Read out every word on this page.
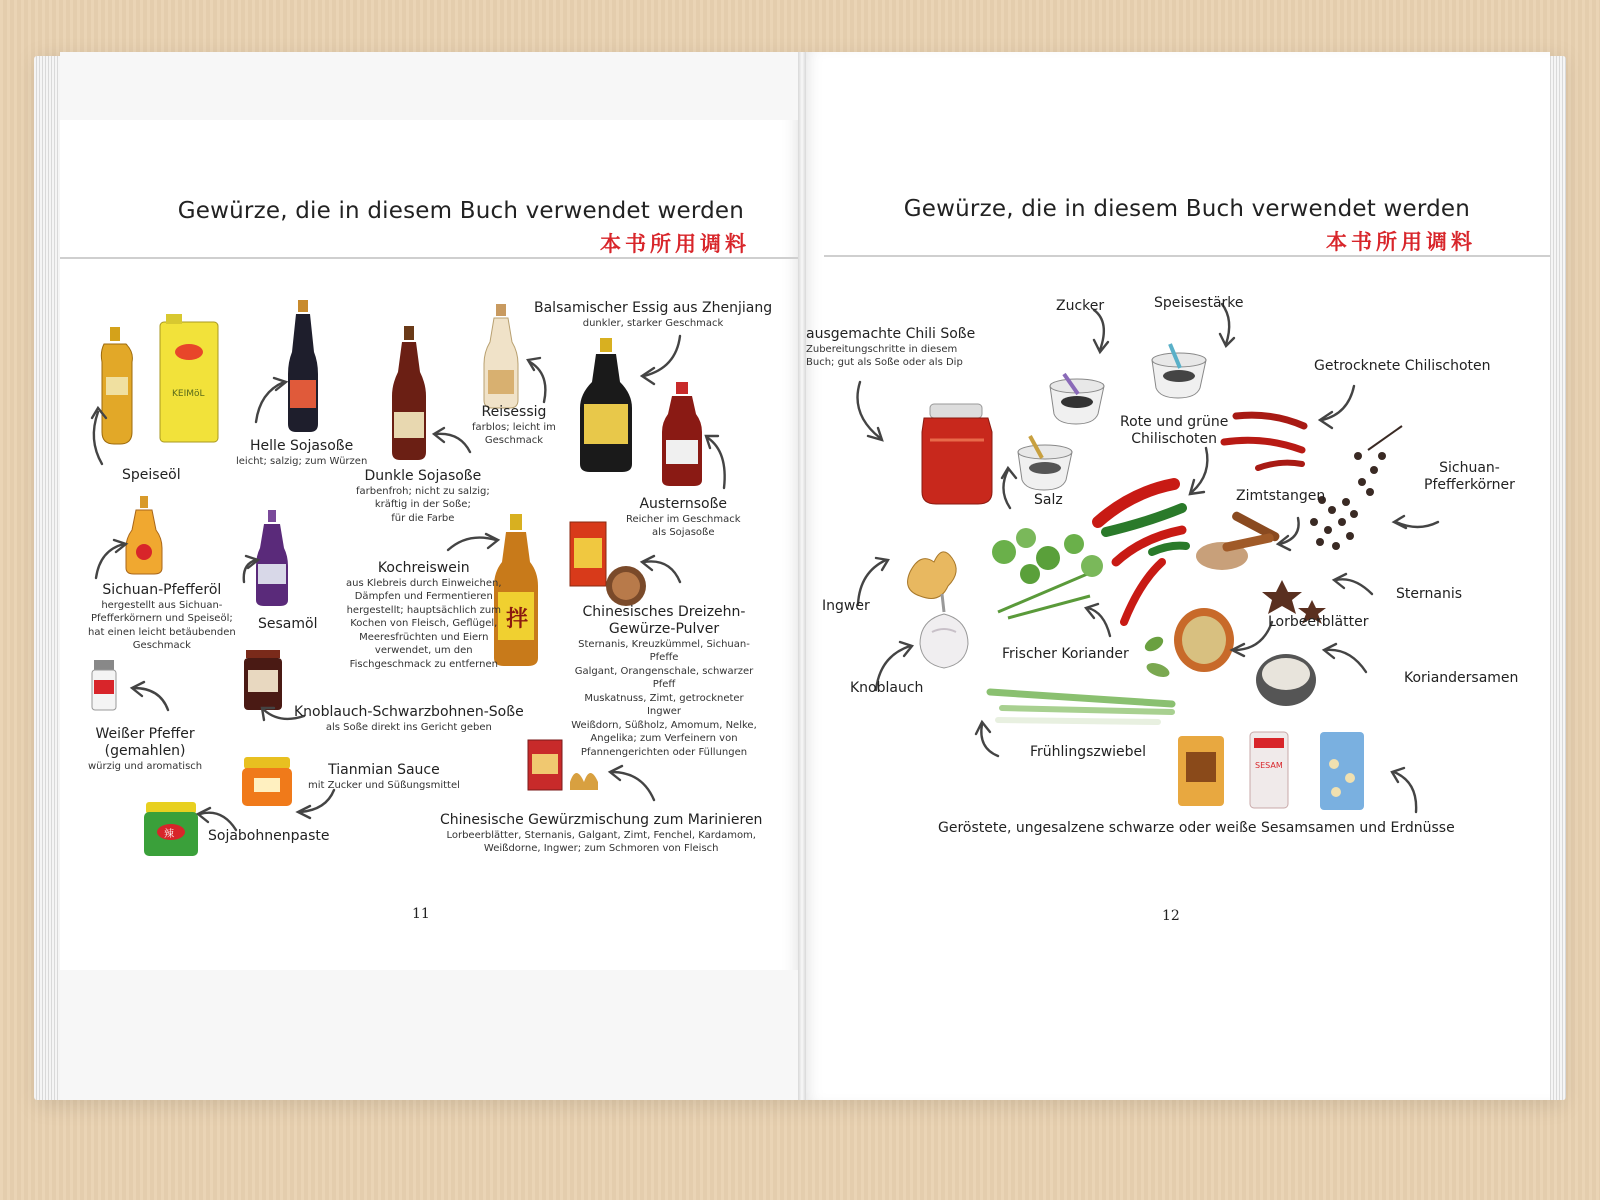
KEIMöL
拌
辣
Gewürze, die in diesem Buch verwendet werden
本书所用调料
Speiseöl
Helle Sojasoße
leicht; salzig; zum Würzen
Dunkle Sojasoße
farbenfroh; nicht zu salzig;
kräftig in der Soße;
für die Farbe
Reisessig
farblos; leicht im
Geschmack
Balsamischer Essig aus Zhenjiang
dunkler, starker Geschmack
Austernsoße
Reicher im Geschmack
als Sojasoße
Sichuan-Pfefferöl
hergestellt aus Sichuan-
Pfefferkörnern und Speiseöl;
hat einen leicht betäubenden
Geschmack
Sesamöl
Kochreiswein
aus Klebreis durch Einweichen,
Dämpfen und Fermentieren
hergestellt; hauptsächlich zum
Kochen von Fleisch, Geflügel,
Meeresfrüchten und Eiern
verwendet, um den
Fischgeschmack zu entfernen
Chinesisches Dreizehn-
Gewürze-Pulver
Sternanis, Kreuzkümmel, Sichuan-Pfeffe
Galgant, Orangenschale, schwarzer Pfeff
Muskatnuss, Zimt, getrockneter Ingwer
Weißdorn, Süßholz, Amomum, Nelke,
Angelika; zum Verfeinern von
Pfannengerichten oder Füllungen
Knoblauch-Schwarzbohnen-Soße
als Soße direkt ins Gericht geben
Weißer Pfeffer
(gemahlen)
würzig und aromatisch	Tianmian Sauce
mit Zucker und Süßungsmittel
Sojabohnenpaste
Chinesische Gewürzmischung zum Marinieren
Lorbeerblätter, Sternanis, Galgant, Zimt, Fenchel, Kardamom,
Weißdorne, Ingwer; zum Schmoren von Fleisch
11
SESAM
Gewürze, die in diesem Buch verwendet werden
本书所用调料
ausgemachte Chili Soße
Zubereitungschritte in diesem
Buch; gut als Soße oder als Dip
Zucker	Speisestärke
Getrocknete Chilischoten
Rote und grüne
Chilischoten
Salz	Zimtstangen
Sichuan-
Pfefferkörner
Ingwer
Sternanis
Frischer Koriander
Lorbeerblätter
Knoblauch
Koriandersamen
Frühlingszwiebel
Geröstete, ungesalzene schwarze oder weiße Sesamsamen und Erdnüsse
12
